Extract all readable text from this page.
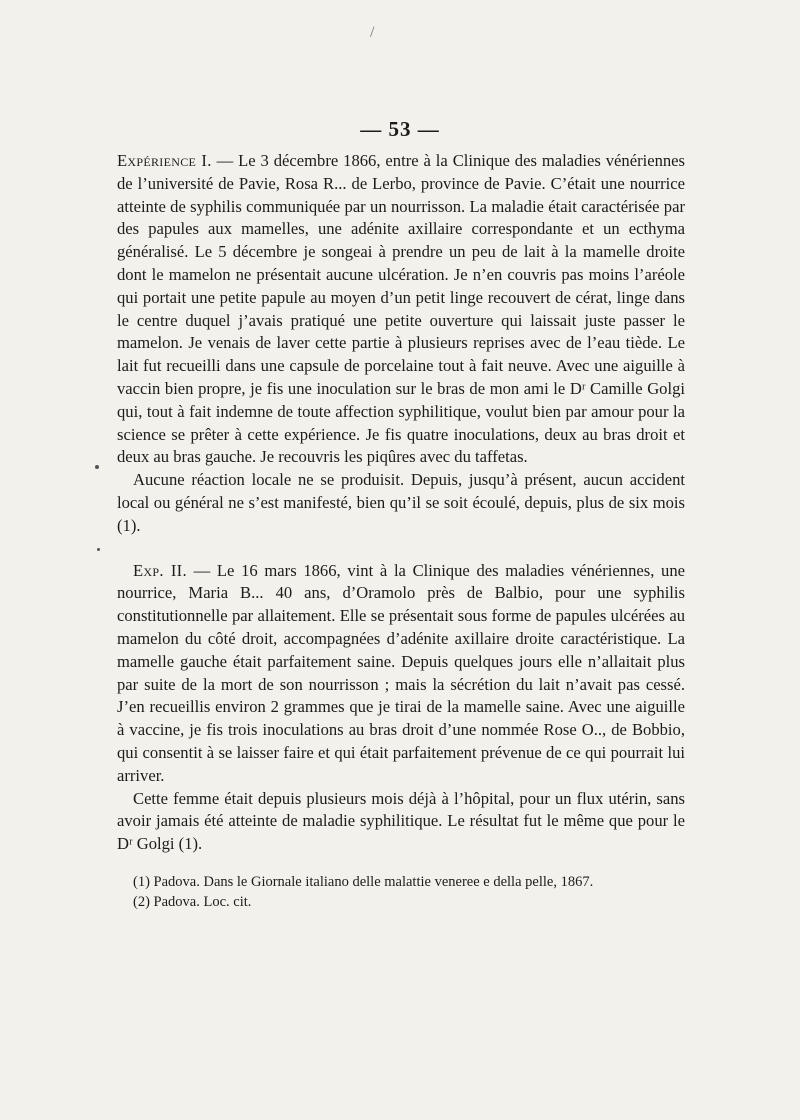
/
— 53 —

Expérience I. — Le 3 décembre 1866, entre à la Clinique des maladies vénériennes de l’université de Pavie, Rosa R... de Lerbo, province de Pavie. C’était une nourrice atteinte de syphilis communiquée par un nourrisson. La maladie était caractérisée par des papules aux mamelles, une adénite axillaire correspondante et un ecthyma généralisé. Le 5 décembre je songeai à prendre un peu de lait à la mamelle droite dont le mamelon ne présentait aucune ulcération. Je n’en couvris pas moins l’aréole qui portait une petite papule au moyen d’un petit linge recouvert de cérat, linge dans le centre duquel j’avais pratiqué une petite ouverture qui laissait juste passer le mamelon. Je venais de laver cette partie à plusieurs reprises avec de l’eau tiède. Le lait fut recueilli dans une capsule de porcelaine tout à fait neuve. Avec une aiguille à vaccin bien propre, je fis une inoculation sur le bras de mon ami le Dʳ Camille Golgi qui, tout à fait indemne de toute affection syphilitique, voulut bien par amour pour la science se prêter à cette expérience. Je fis quatre inoculations, deux au bras droit et deux au bras gauche. Je recouvris les piqûres avec du taffetas.

Aucune réaction locale ne se produisit. Depuis, jusqu’à présent, aucun accident local ou général ne s’est manifesté, bien qu’il se soit écoulé, depuis, plus de six mois (1).

Exp. II. — Le 16 mars 1866, vint à la Clinique des maladies vénériennes, une nourrice, Maria B... 40 ans, d’Oramolo près de Balbio, pour une syphilis constitutionnelle par allaitement. Elle se présentait sous forme de papules ulcérées au mamelon du côté droit, accompagnées d’adénite axillaire droite caractéristique. La mamelle gauche était parfaitement saine. Depuis quelques jours elle n’allaitait plus par suite de la mort de son nourrisson ; mais la sécrétion du lait n’avait pas cessé. J’en recueillis environ 2 grammes que je tirai de la mamelle saine. Avec une aiguille à vaccine, je fis trois inoculations au bras droit d’une nommée Rose O.., de Bobbio, qui consentit à se laisser faire et qui était parfaitement prévenue de ce qui pourrait lui arriver.

Cette femme était depuis plusieurs mois déjà à l’hôpital, pour un flux utérin, sans avoir jamais été atteinte de maladie syphilitique. Le résultat fut le même que pour le Dʳ Golgi (1).

(1) Padova. Dans le Giornale italiano delle malattie veneree e della pelle, 1867.

(2) Padova. Loc. cit.
